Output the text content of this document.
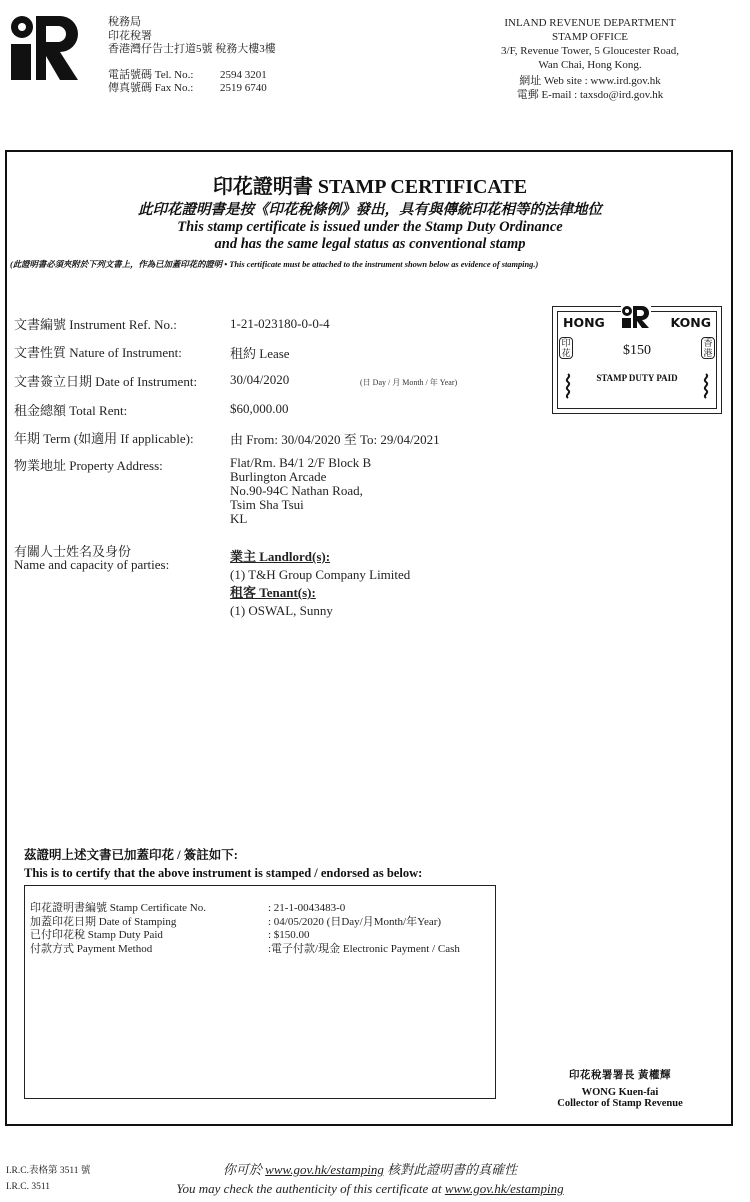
稅務局
印花稅署
香港灣仔告士打道5號 稅務大樓3樓
電話號碼 Tel. No.: 2594 3201
傳真號碼 Fax No.: 2519 6740
INLAND REVENUE DEPARTMENT
STAMP OFFICE
3/F, Revenue Tower, 5 Gloucester Road,
Wan Chai, Hong Kong.
網址 Web site : www.ird.gov.hk
電郵 E-mail : taxsdo@ird.gov.hk
印花證明書 STAMP CERTIFICATE
此印花證明書是按《印花稅條例》發出，具有與傳統印花相等的法律地位
This stamp certificate is issued under the Stamp Duty Ordinance
and has the same legal status as conventional stamp
(此證明書必須夾附於下列文書上，作為已加蓋印花的證明 • This certificate must be attached to the instrument shown below as evidence of stamping.)
文書編號 Instrument Ref. No.:	1-21-023180-0-0-4
文書性質 Nature of Instrument:	租約 Lease
文書簽立日期 Date of Instrument:	30/04/2020	(日 Day / 月 Month / 年 Year)
租金總額 Total Rent:	$60,000.00
年期 Term (如適用 If applicable):	由 From: 30/04/2020 至 To: 29/04/2021
物業地址 Property Address:	Flat/Rm. B4/1 2/F Block B
Burlington Arcade
No.90-94C Nathan Road,
Tsim Sha Tsui
KL
有關人士姓名及身份
Name and capacity of parties:
業主 Landlord(s):
(1) T&H Group Company Limited
租客 Tenant(s):
(1) OSWAL, Sunny
HONG	KONG
印花
香港
$150
STAMP DUTY PAID
茲證明上述文書已加蓋印花 / 簽註如下:
This is to certify that the above instrument is stamped / endorsed as below:
印花證明書編號 Stamp Certificate No.	: 21-1-0043483-0
加蓋印花日期 Date of Stamping	: 04/05/2020 (日Day/月Month/年Year)
已付印花稅 Stamp Duty Paid	: $150.00
付款方式 Payment Method	:電子付款/現金 Electronic Payment / Cash
印花稅署署長 黃權輝
WONG Kuen-fai
Collector of Stamp Revenue
I.R.C.表格第 3511 號
I.R.C. 3511
你可於 www.gov.hk/estamping 核對此證明書的真確性
You may check the authenticity of this certificate at www.gov.hk/estamping
